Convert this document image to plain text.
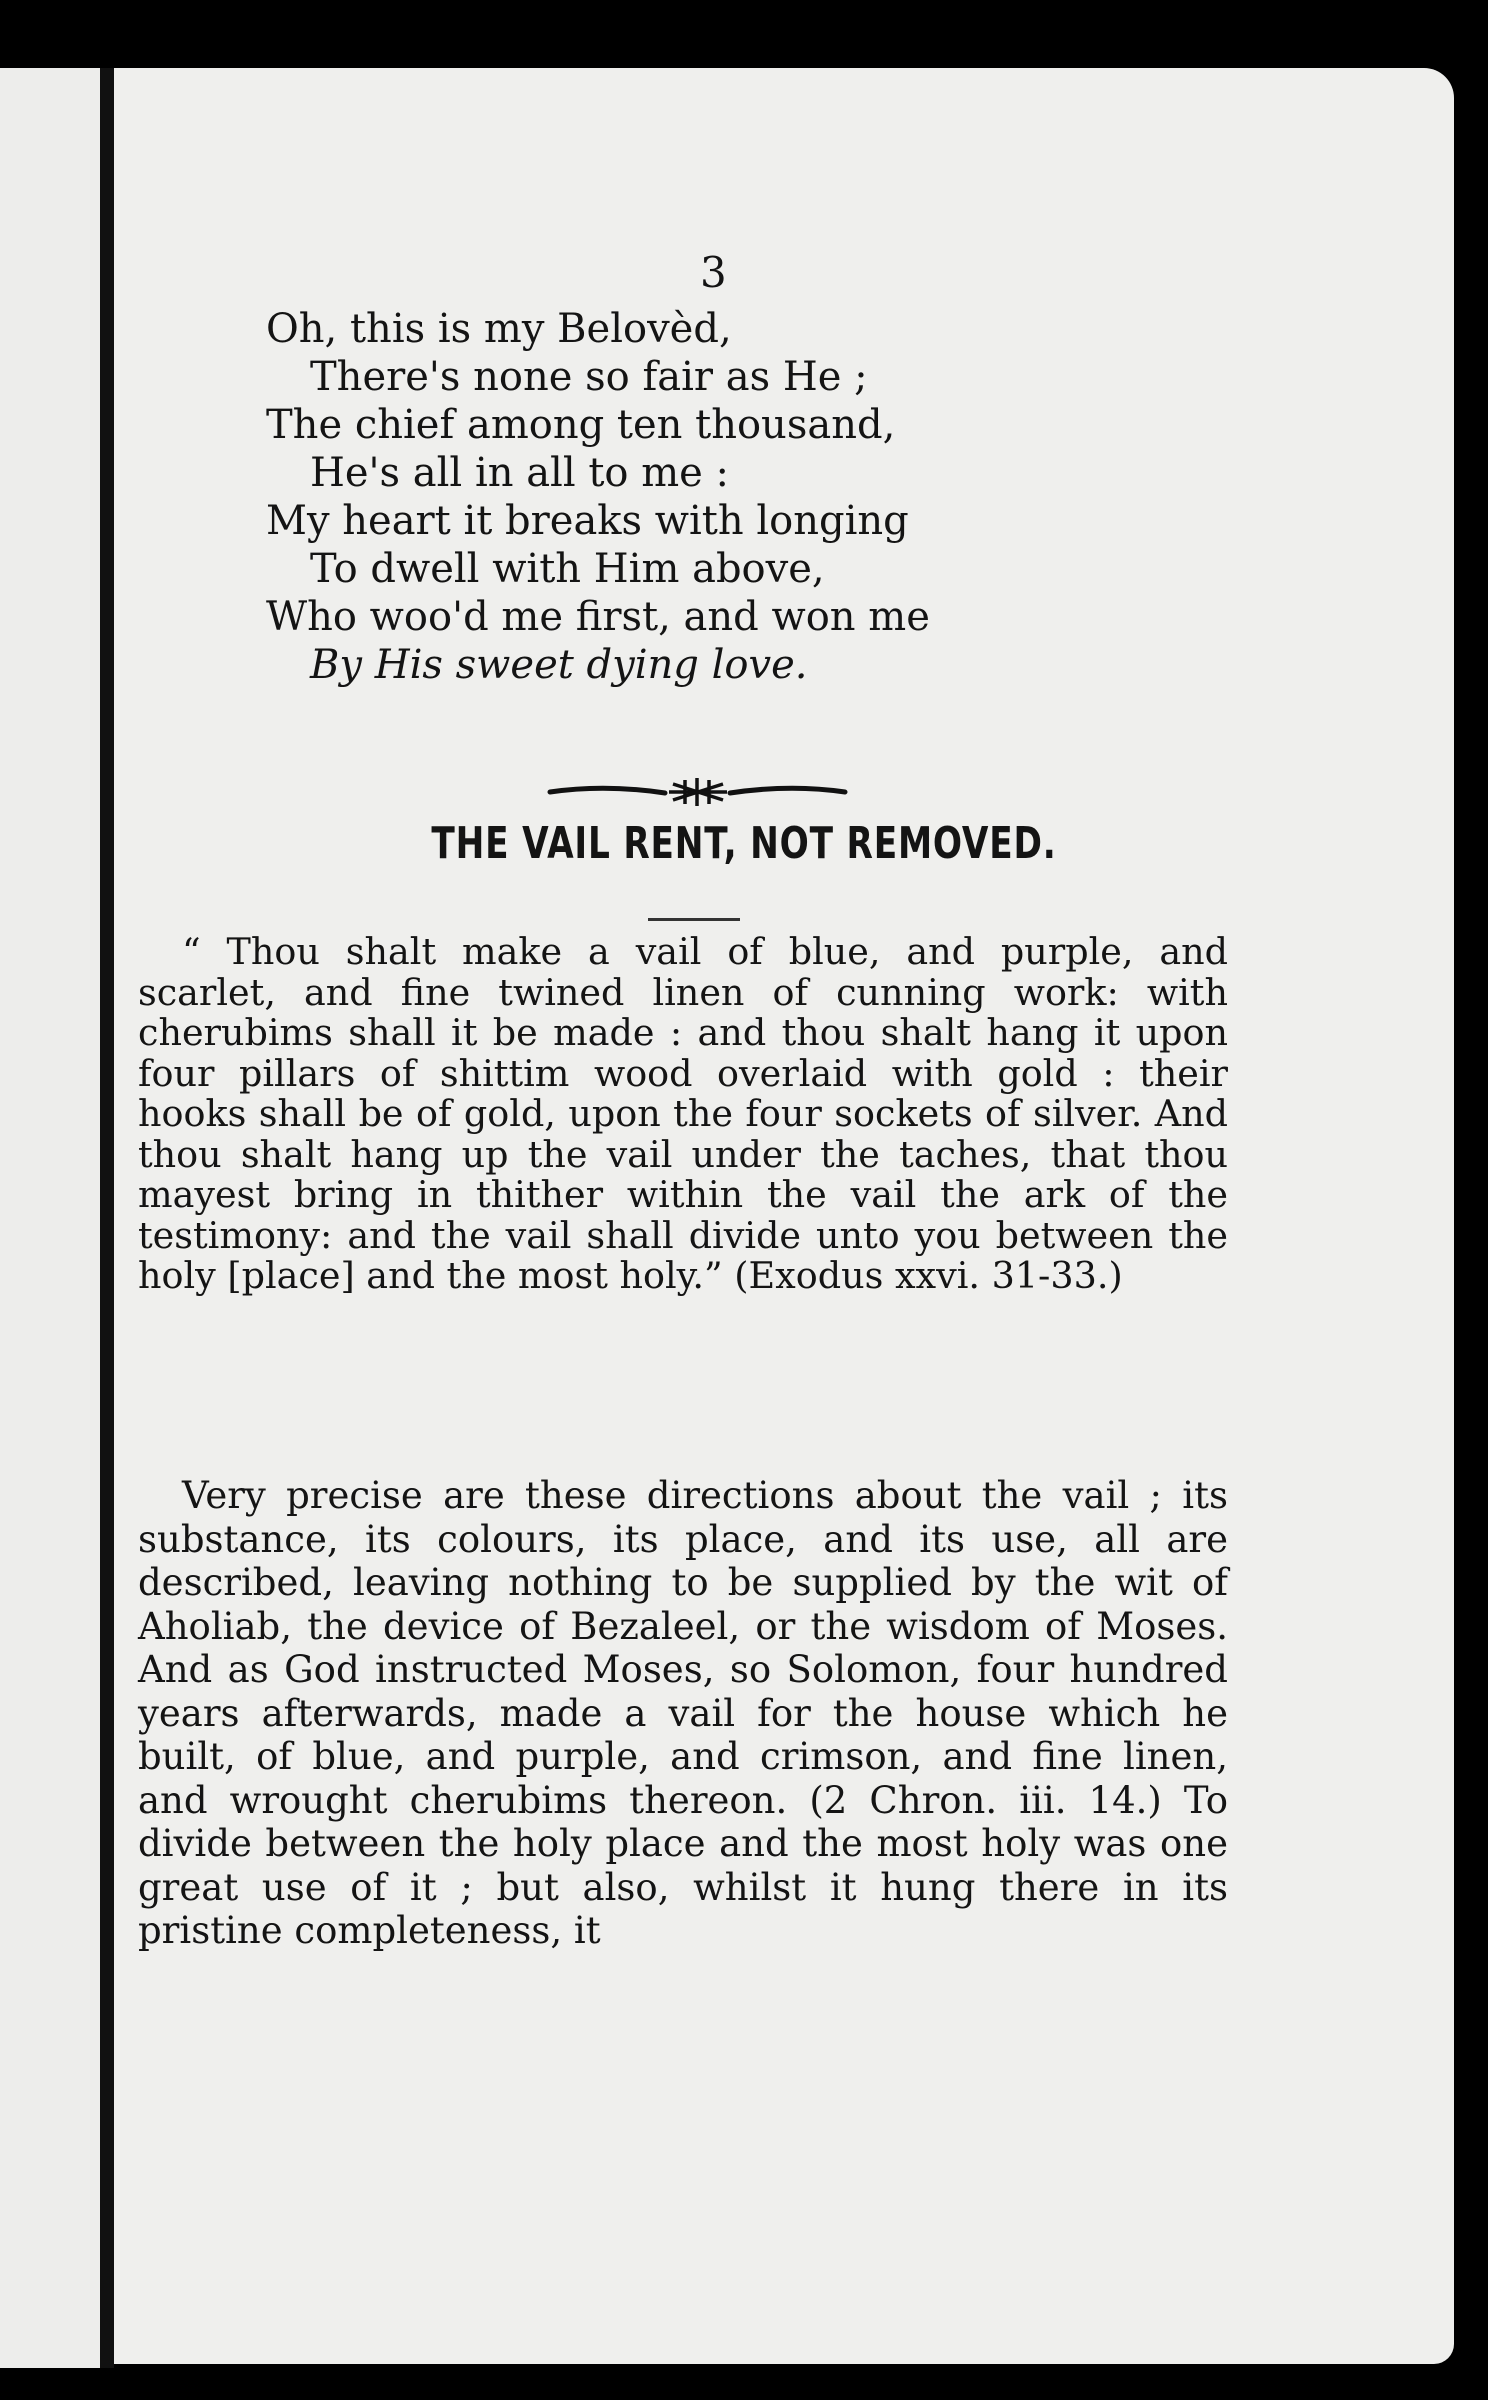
3
Oh, this is my Belovèd,
There's none so fair as He ;
The chief among ten thousand,
He's all in all to me :
My heart it breaks with longing
To dwell with Him above,
Who woo'd me first, and won me
By His sweet dying love.
THE VAIL RENT, NOT REMOVED.

“ Thou shalt make a vail of blue, and purple, and scarlet, and fine twined linen of cunning work: with cherubims shall it be made : and thou shalt hang it upon four pillars of shittim wood overlaid with gold : their hooks shall be of gold, upon the four sockets of silver. And thou shalt hang up the vail under the taches, that thou mayest bring in thither within the vail the ark of the testimony: and the vail shall divide unto you between the holy [place] and the most holy.” (Exodus xxvi. 31-33.)

Very precise are these directions about the vail ; its substance, its colours, its place, and its use, all are described, leaving nothing to be supplied by the wit of Aholiab, the device of Bezaleel, or the wisdom of Moses. And as God instructed Moses, so Solomon, four hundred years afterwards, made a vail for the house which he built, of blue, and purple, and crimson, and fine linen, and wrought cherubims thereon. (2 Chron. iii. 14.) To divide between the holy place and the most holy was one great use of it ; but also, whilst it hung there in its pristine completeness, it
